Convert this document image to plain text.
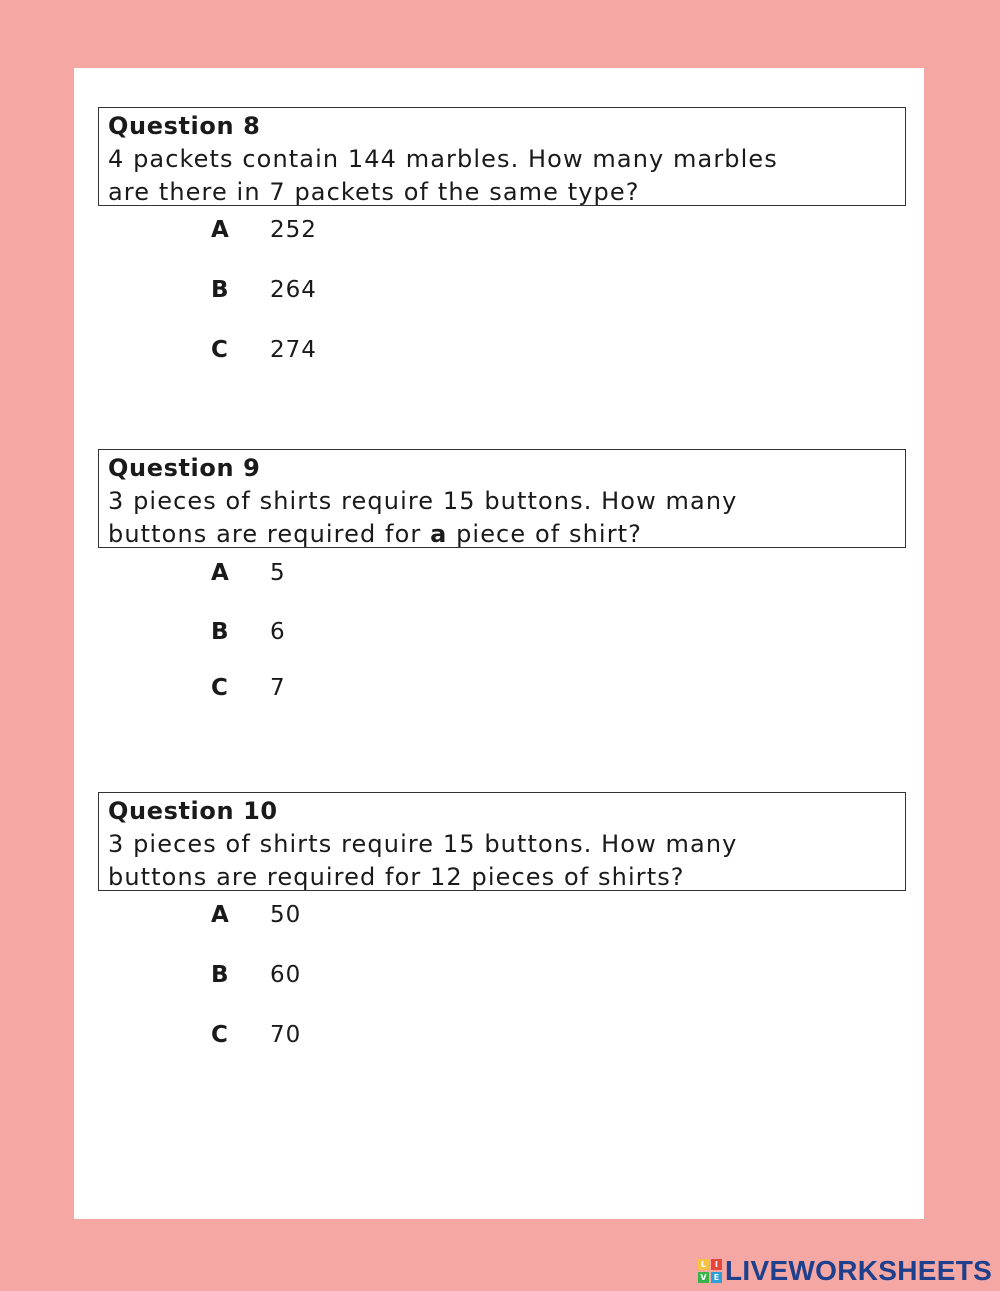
Question 8
4 packets contain 144 marbles. How many marbles
are there in 7 packets of the same type?
A 252
B 264
C 274
Question 9
3 pieces of shirts require 15 buttons. How many
buttons are required for a piece of shirt?
A 5
B 6
C 7
Question 10
3 pieces of shirts require 15 buttons. How many
buttons are required for 12 pieces of shirts?
A 50
B 60
C 70
L	I
V E LIVEWORKSHEETS
